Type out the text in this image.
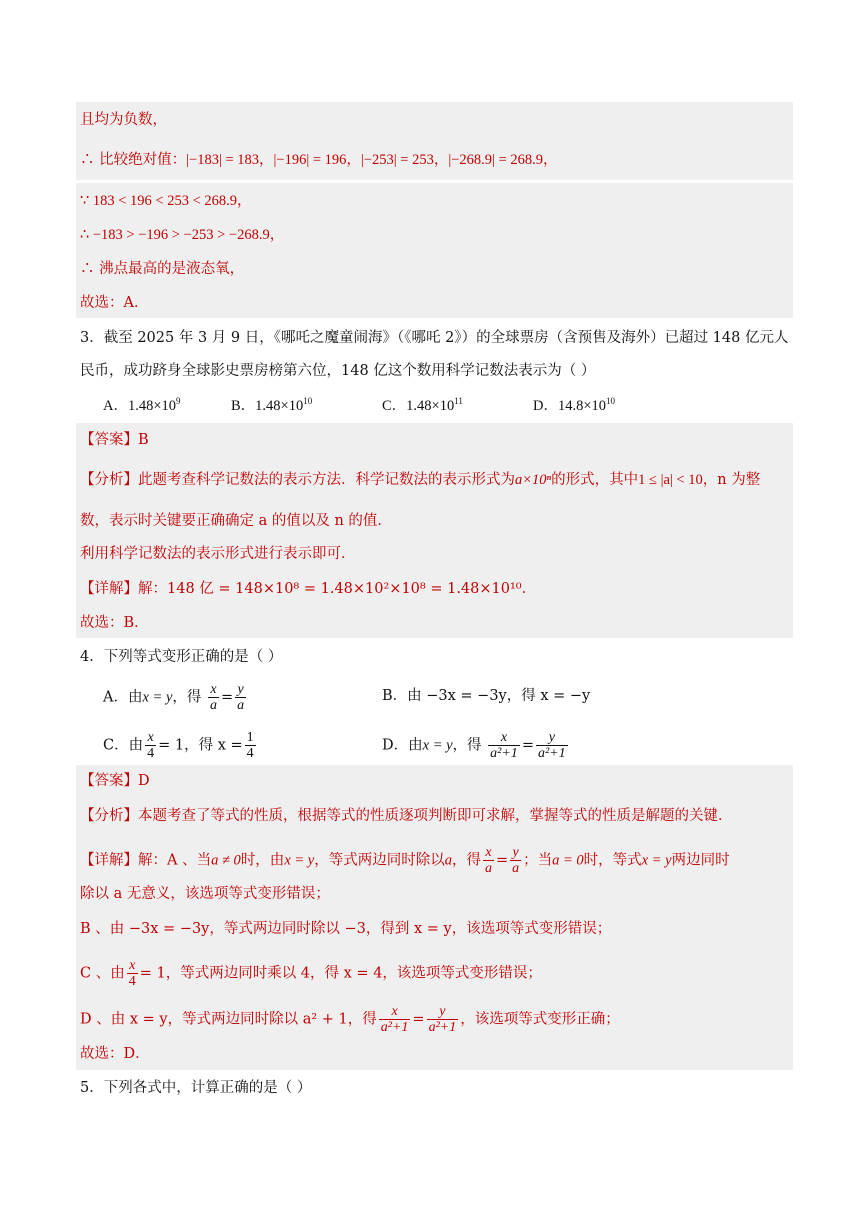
且均为负数，
∴ 比较绝对值：|−183| = 183，|−196| = 196，|−253| = 253，|−268.9| = 268.9，
∵ 183 < 196 < 253 < 268.9，
∴ −183 > −196 > −253 > −268.9，
∴ 沸点最高的是液态氧，
故选：A．
3．截至 2025 年 3 月 9 日，《哪吒之魔童闹海》（《哪吒 2》）的全球票房（含预售及海外）已超过 148 亿元人
民币，成功跻身全球影史票房榜第六位，148 亿这个数用科学记数法表示为（ ）
A．$1.48\times 10^9$	B．$1.48\times 10^{10}$	C．$1.48\times 10^{11}$	D．$14.8\times 10^{10}$
【答案】B
【分析】此题考查科学记数法的表示方法．科学记数法的表示形式为a×10ⁿ的形式，其中1 ≤ |a| < 10，n 为整
数，表示时关键要正确确定 a 的值以及 n 的值．
利用科学记数法的表示形式进行表示即可．
【详解】解：148 亿 = 148×10⁸ = 1.48×10²×10⁸ = 1.48×10¹⁰．
故选：B．
4．下列等式变形正确的是（ ）
A．由x = y，得 $\frac{x}{a} = \frac{y}{a}$	B．由 −3x = −3y，得 x = −y
C．由 $\frac{x}{4} = 1$，得 $x = \frac{1}{4}$	D．由x = y，得 $\frac{x}{\text{a²+1}} = \frac{y}{\text{a²+1}}$
【答案】D
【分析】本题考查了等式的性质，根据等式的性质逐项判断即可求解，掌握等式的性质是解题的关键．
【详解】解：A 、当a ≠ 0时，由x = y，等式两边同时除以a，得 $\frac{x}{a} = \frac{y}{a}$ ；当a = 0时，等式x = y两边同时
除以 a 无意义，该选项等式变形错误；
B 、由 −3x = −3y，等式两边同时除以 −3，得到 x = y，该选项等式变形错误；
C 、由 $\frac{x}{4} = 1$，等式两边同时乘以 4，得 x = 4，该选项等式变形错误；
D 、由 x = y，等式两边同时除以 a² + 1，得 $\frac{x}{\text{a²+1}} = \frac{y}{\text{a²+1}}$ ，该选项等式变形正确；
故选：D．
5．下列各式中，计算正确的是（ ）
